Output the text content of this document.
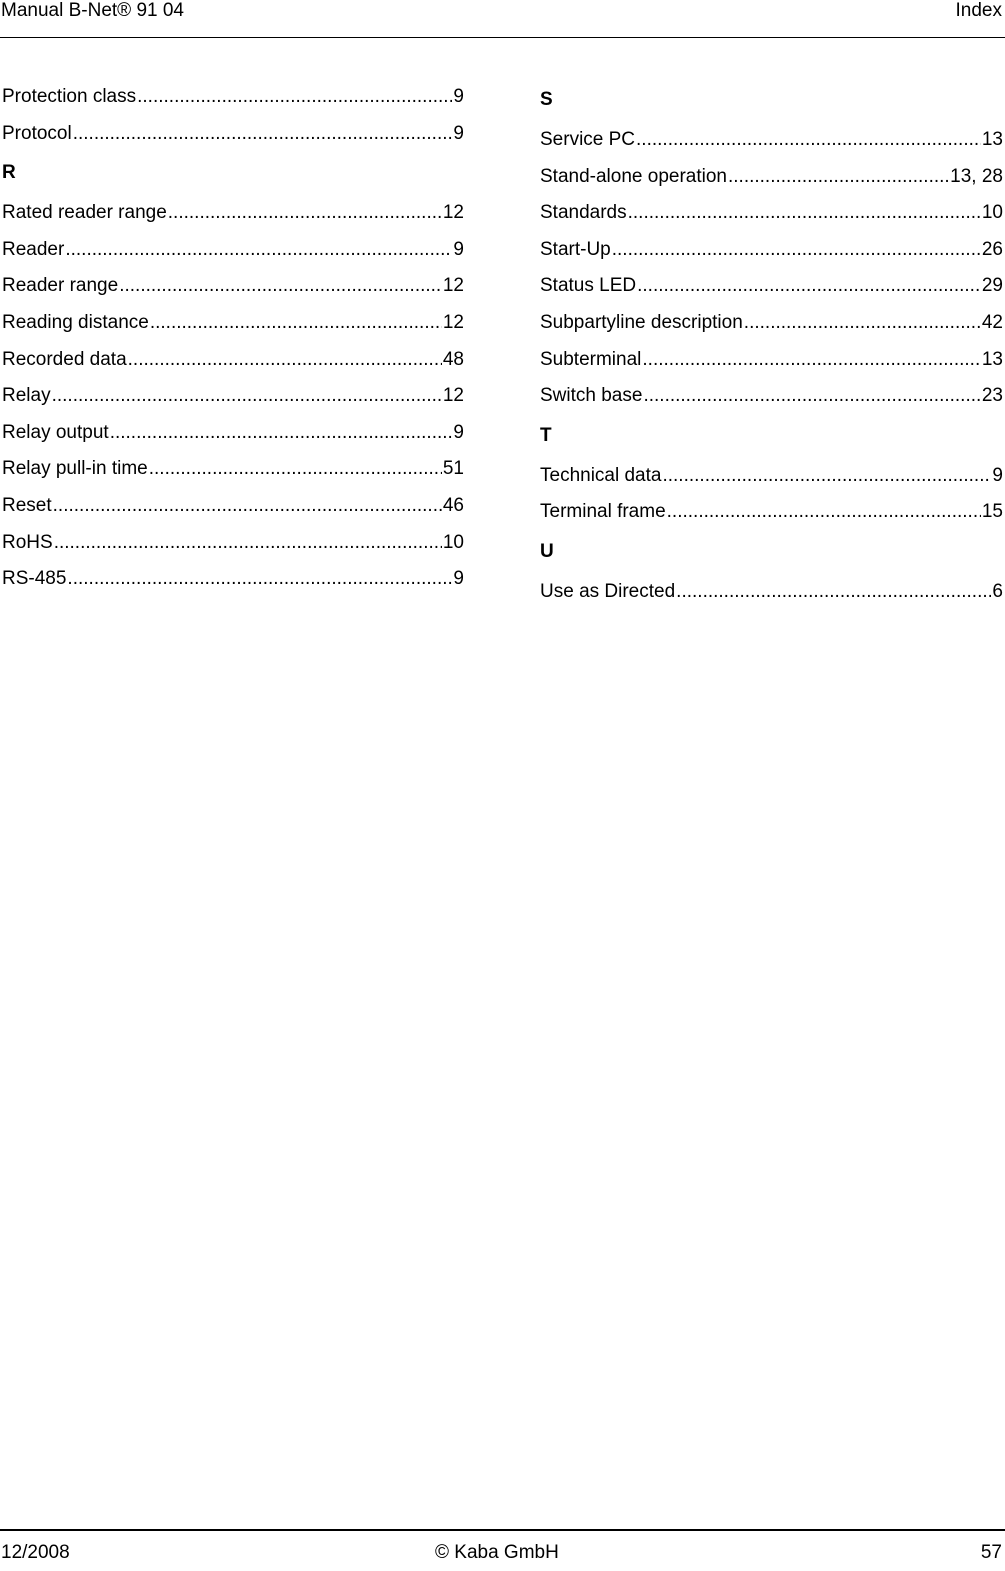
Manual B-Net® 91 04	Index
Protection class .....	9
Protocol .....	9
R
Rated reader range .....	12
Reader .....	9
Reader range .....	12
Reading distance .....	12
Recorded data .....	48
Relay .....	12
Relay output .....	9
Relay pull-in time .....	51
Reset .....	46
RoHS .....	10
RS-485 .....	9
S
Service PC .....	13
Stand-alone operation .....	13, 28
Standards .....	10
Start-Up .....	26
Status LED .....	29
Subpartyline description .....	42
Subterminal .....	13
Switch base .....	23
T
Technical data .....	9
Terminal frame .....	15
U
Use as Directed .....	6
12/2008	© Kaba GmbH	57
